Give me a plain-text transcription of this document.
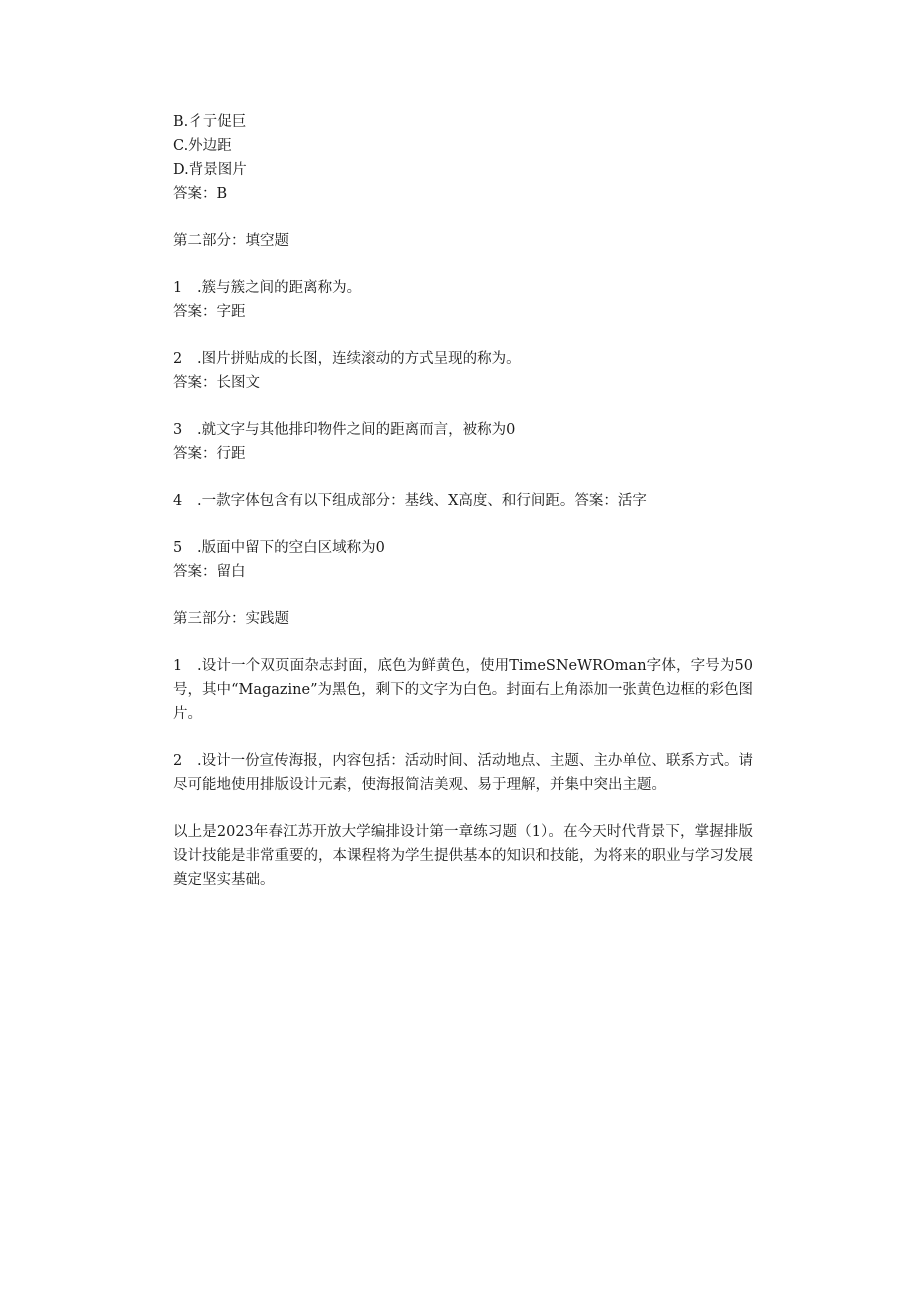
B.彳亍促巨
C.外边距
D.背景图片
答案：B
第二部分：填空题
1 .簇与簇之间的距离称为。
答案：字距
2 .图片拼贴成的长图，连续滚动的方式呈现的称为。
答案：长图文
3 .就文字与其他排印物件之间的距离而言，被称为0
答案：行距
4 .一款字体包含有以下组成部分：基线、X高度、和行间距。答案：活字
5 .版面中留下的空白区域称为0
答案：留白
第三部分：实践题
1 .设计一个双页面杂志封面，底色为鲜黄色，使用TimeSNeWROman字体，字号为50号，其中“Magazine”为黑色，剩下的文字为白色。封面右上角添加一张黄色边框的彩色图片。
2 .设计一份宣传海报，内容包括：活动时间、活动地点、主题、主办单位、联系方式。请尽可能地使用排版设计元素，使海报简洁美观、易于理解，并集中突出主题。
以上是2023年春江苏开放大学编排设计第一章练习题（1）。在今天时代背景下，掌握排版设计技能是非常重要的，本课程将为学生提供基本的知识和技能，为将来的职业与学习发展奠定坚实基础。
